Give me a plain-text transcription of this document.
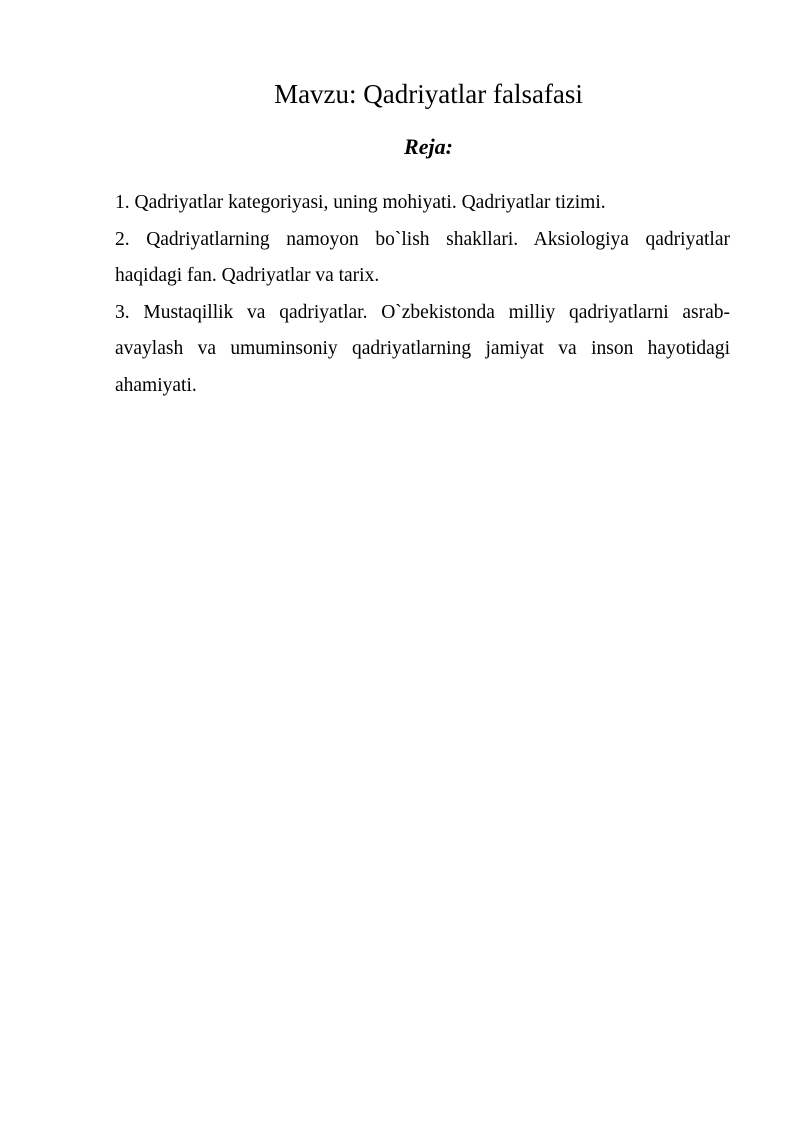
Mavzu: Qadriyatlar falsafasi
Reja:
1. Qadriyatlar kategoriyasi, uning mohiyati. Qadriyatlar tizimi.
2. Qadriyatlarning namoyon bo`lish shakllari. Aksiologiya qadriyatlar haqidagi fan. Qadriyatlar va tarix.
3. Mustaqillik va qadriyatlar. O`zbekistonda milliy qadriyatlarni asrab-avaylash va umuminsoniy qadriyatlarning jamiyat va inson hayotidagi ahamiyati.
